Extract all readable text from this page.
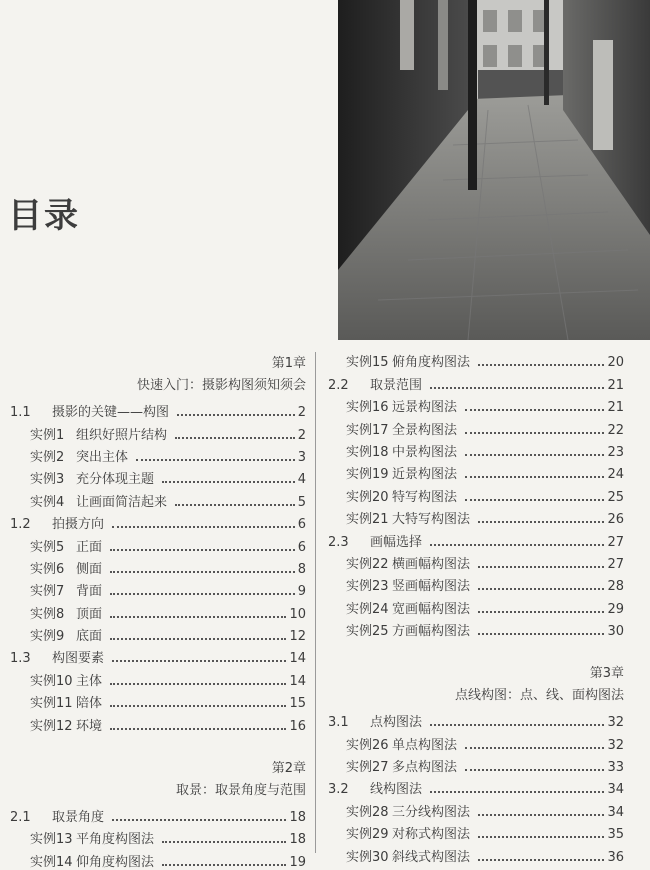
目录
第1章
快速入门：摄影构图须知须会
1.1 摄影的关键——构图	2
实例1 组织好照片结构	2
实例2 突出主体	3
实例3 充分体现主题	4
实例4 让画面简洁起来	5
1.2 拍摄方向	6
实例5 正面	6
实例6 侧面	8
实例7 背面	9
实例8 顶面	10
实例9 底面	12
1.3 构图要素	14
实例10 主体	14
实例11 陪体	15
实例12 环境	16
第2章
取景：取景角度与范围
2.1 取景角度	18
实例13 平角度构图法	18
实例14 仰角度构图法	19
实例15 俯角度构图法	20
2.2 取景范围	21
实例16 远景构图法	21
实例17 全景构图法	22
实例18 中景构图法	23
实例19 近景构图法	24
实例20 特写构图法	25
实例21 大特写构图法	26
2.3 画幅选择	27
实例22 横画幅构图法	27
实例23 竖画幅构图法	28
实例24 宽画幅构图法	29
实例25 方画幅构图法	30
第3章
点线构图：点、线、面构图法
3.1 点构图法	32
实例26 单点构图法	32
实例27 多点构图法	33
3.2 线构图法	34
实例28 三分线构图法	34
实例29 对称式构图法	35
实例30 斜线式构图法	36
